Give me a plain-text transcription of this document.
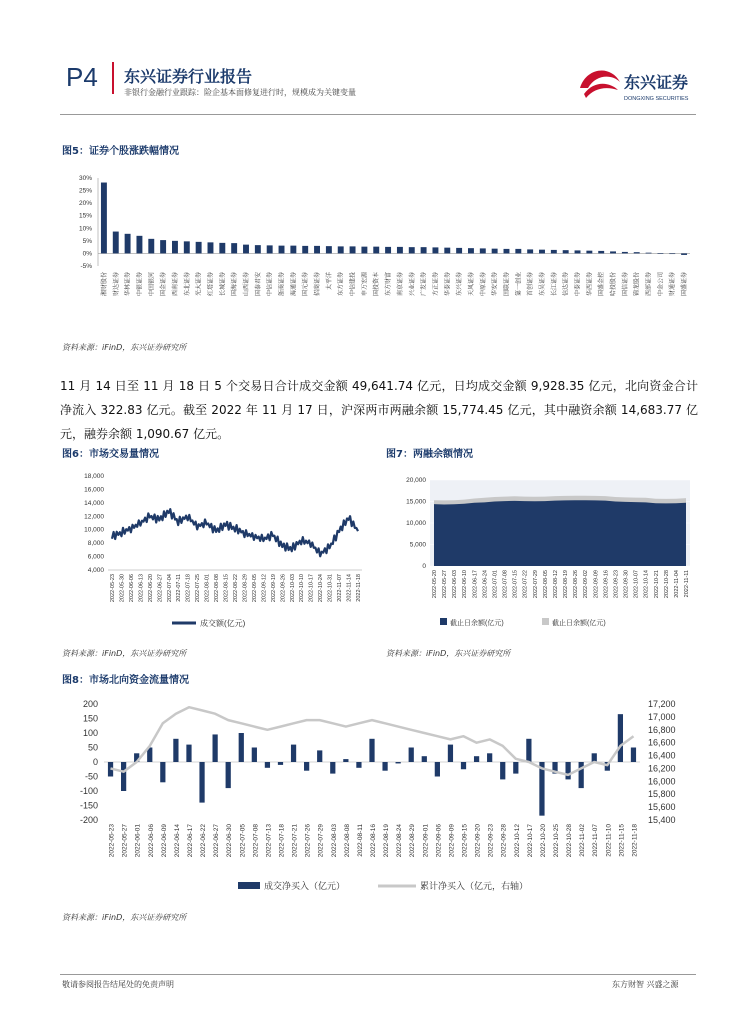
P4 东兴证券行业报告
非银行金融行业跟踪：险企基本面修复进行时，规模成为关键变量
东兴证券
DONGXING SECURITIES
图5：证券个股涨跌幅情况
30%
25%
20%
15%
10%
5%
0%
-5%
湘财股份 财达证券 华林证券 中银证券 中国银河 国金证券 西南证券 东北证券 光大证券 红塔证券 长城证券 国海证券 山西证券 国泰君安 中信证券 浙商证券 海通证券 国元证券 招商证券 太平洋 东方证券 中信建投 申万宏源 国投资本 东方财富 南京证券 兴业证券 广发证券 方正证券 华泰证券 东兴证券 天风证券 中原证券 华安证券 国联证券 第一创业 首创证券 东吴证券 长江证券 信达证券 中泰证券 华西证券 国盛金控 哈投股份 国信证券 锦龙股份 西部证券 中金公司 财通证券 国盛证券
资料来源：iFinD，东兴证券研究所
11 月 14 日至 11 月 18 日 5 个交易日合计成交金额 49,641.74 亿元，日均成交金额 9,928.35 亿元，北向资金合计净流入 322.83 亿元。截至 2022 年 11 月 17 日，沪深两市两融余额 15,774.45 亿元，其中融资余额 14,683.77 亿元，融券余额 1,090.67 亿元。
图6：市场交易量情况
18,000
16,000
14,000
12,000
10,000
8,000
6,000
4,000
2022-05-23 2022-05-30 2022-06-06 2022-06-13 2022-06-20 2022-06-27 2022-07-04 2022-07-11 2022-07-18 2022-07-25 2022-08-01 2022-08-08 2022-08-15 2022-08-22 2022-08-29 2022-09-05 2022-09-12 2022-09-19 2022-09-26 2022-10-03 2022-10-10 2022-10-17 2022-10-24 2022-10-31 2022-11-07 2022-11-14 2022-11-18
成交额(亿元)
资料来源：iFinD，东兴证券研究所
图7：两融余额情况
20,000
15,000
10,000
5,000
0
2022-05-20 2022-05-27 2022-06-03 2022-06-10 2022-06-17 2022-06-24 2022-07-01 2022-07-08 2022-07-15 2022-07-22 2022-07-29 2022-08-05 2022-08-12 2022-08-19 2022-08-26 2022-09-02 2022-09-09 2022-09-16 2022-09-23 2022-09-30 2022-10-07 2022-10-14 2022-10-21 2022-10-28 2022-11-04 2022-11-11
截止日余额(亿元)	截止日余额(亿元)
资料来源：iFinD，东兴证券研究所
图8：市场北向资金流量情况
200
150
100
50
0
-50
-100
-150
-200
17,200
17,000
16,800
16,600
16,400
16,200
16,000
15,800
15,600
15,400
2022-05-23 2022-05-27 2022-06-01 2022-06-06 2022-06-09 2022-06-14 2022-06-17 2022-06-22 2022-06-27 2022-06-30 2022-07-05 2022-07-08 2022-07-13 2022-07-18 2022-07-21 2022-07-26 2022-07-29 2022-08-03 2022-08-08 2022-08-11 2022-08-16 2022-08-19 2022-08-24 2022-08-29 2022-09-01 2022-09-06 2022-09-09 2022-09-15 2022-09-20 2022-09-23 2022-09-28 2022-10-12 2022-10-17 2022-10-20 2022-10-25 2022-10-28 2022-11-02 2022-11-07 2022-11-10 2022-11-15 2022-11-18
成交净买入（亿元）	累计净买入（亿元，右轴）
资料来源：iFinD，东兴证券研究所
敬请参阅报告结尾处的免责声明	东方财智 兴盛之源
